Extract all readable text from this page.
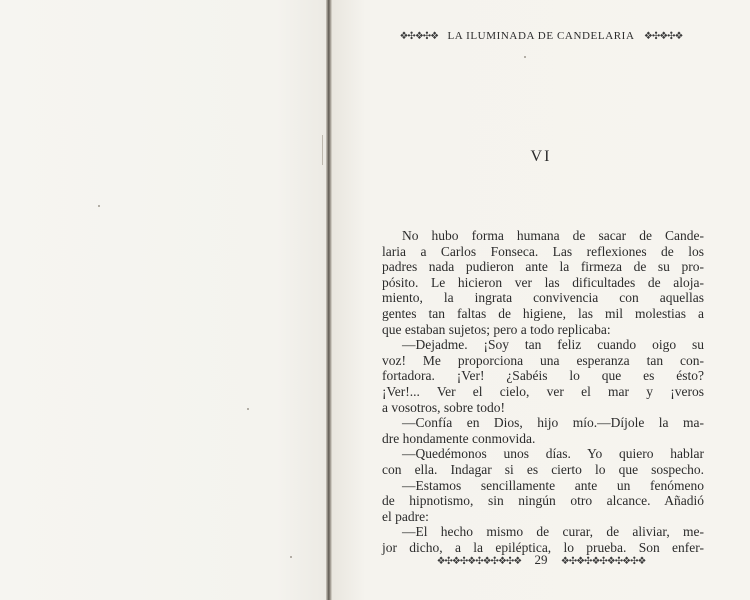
❖✣❖✣❖ LA ILUMINADA DE CANDELARIA ❖✣❖✣❖
VI
No hubo forma humana de sacar de Cande-
laria a Carlos Fonseca. Las reflexiones de los
padres nada pudieron ante la firmeza de su pro-
pósito. Le hicieron ver las dificultades de aloja-
miento, la ingrata convivencia con aquellas
gentes tan faltas de higiene, las mil molestias a
que estaban sujetos; pero a todo replicaba:
—Dejadme. ¡Soy tan feliz cuando oigo su
voz! Me proporciona una esperanza tan con-
fortadora. ¡Ver! ¿Sabéis lo que es ésto?
¡Ver!... Ver el cielo, ver el mar y ¡veros
a vosotros, sobre todo!
—Confía en Dios, hijo mío.—Díjole la ma-
dre hondamente conmovida.
—Quedémonos unos días. Yo quiero hablar
con ella. Indagar si es cierto lo que sospecho.
—Estamos sencillamente ante un fenómeno
de hipnotismo, sin ningún otro alcance. Añadió
el padre:
—El hecho mismo de curar, de aliviar, me-
jor dicho, a la epiléptica, lo prueba. Son enfer-
❖✣❖✣❖✣❖✣❖✣❖ 29 ❖✣❖✣❖✣❖✣❖✣❖
